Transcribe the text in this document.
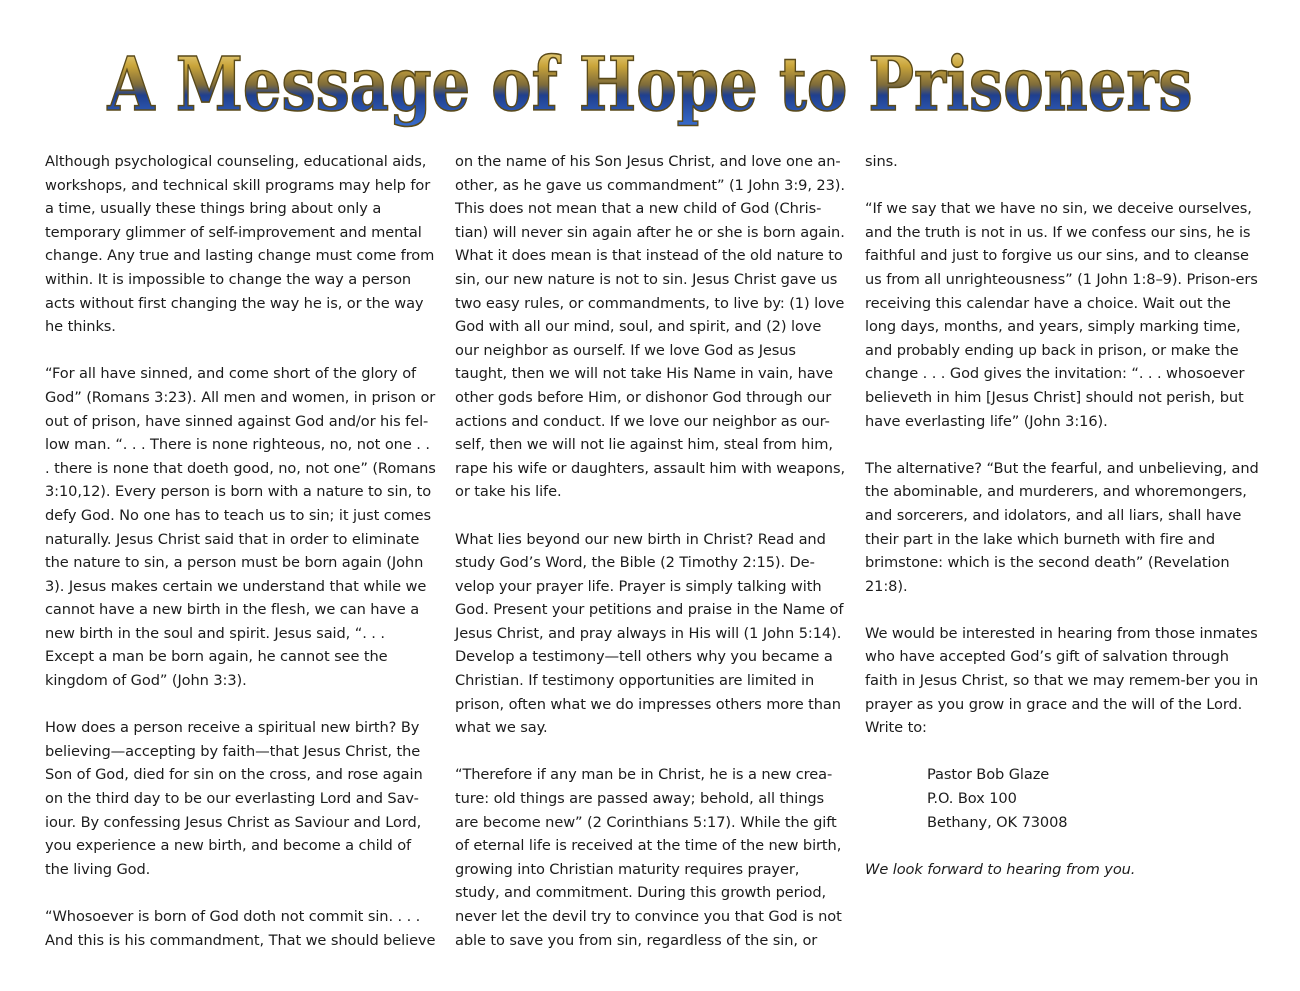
A Message of Hope to Prisoners

Although psychological counseling, educational aids, workshops, and technical skill programs may help for a time, usually these things bring about only a temporary glimmer of self-improvement and mental change. Any true and lasting change must come from within. It is impossible to change the way a person acts without first changing the way he is, or the way he thinks.

“For all have sinned, and come short of the glory of God” (Romans 3:23). All men and women, in prison or out of prison, have sinned against God and/or his fel-low man. “. . . There is none righteous, no, not one . . . there is none that doeth good, no, not one” (Romans 3:10,12). Every person is born with a nature to sin, to defy God. No one has to teach us to sin; it just comes naturally. Jesus Christ said that in order to eliminate the nature to sin, a person must be born again (John 3). Jesus makes certain we understand that while we cannot have a new birth in the flesh, we can have a new birth in the soul and spirit. Jesus said, “. . . Except a man be born again, he cannot see the kingdom of God” (John 3:3).

How does a person receive a spiritual new birth? By believing—accepting by faith—that Jesus Christ, the Son of God, died for sin on the cross, and rose again on the third day to be our everlasting Lord and Sav-iour. By confessing Jesus Christ as Saviour and Lord, you experience a new birth, and become a child of the living God.

“Whosoever is born of God doth not commit sin. . . . And this is his commandment, That we should believe

on the name of his Son Jesus Christ, and love one an-other, as he gave us commandment” (1 John 3:9, 23). This does not mean that a new child of God (Chris-tian) will never sin again after he or she is born again. What it does mean is that instead of the old nature to sin, our new nature is not to sin. Jesus Christ gave us two easy rules, or commandments, to live by: (1) love God with all our mind, soul, and spirit, and (2) love our neighbor as ourself. If we love God as Jesus taught, then we will not take His Name in vain, have other gods before Him, or dishonor God through our actions and conduct. If we love our neighbor as our-self, then we will not lie against him, steal from him, rape his wife or daughters, assault him with weapons, or take his life.

What lies beyond our new birth in Christ? Read and study God’s Word, the Bible (2 Timothy 2:15). De-velop your prayer life. Prayer is simply talking with God. Present your petitions and praise in the Name of Jesus Christ, and pray always in His will (1 John 5:14). Develop a testimony—tell others why you became a Christian. If testimony opportunities are limited in prison, often what we do impresses others more than what we say.

“Therefore if any man be in Christ, he is a new crea-ture: old things are passed away; behold, all things are become new” (2 Corinthians 5:17). While the gift of eternal life is received at the time of the new birth, growing into Christian maturity requires prayer, study, and commitment. During this growth period, never let the devil try to convince you that God is not able to save you from sin, regardless of the sin, or

sins.

“If we say that we have no sin, we deceive ourselves, and the truth is not in us. If we confess our sins, he is faithful and just to forgive us our sins, and to cleanse us from all unrighteousness” (1 John 1:8–9). Prison-ers receiving this calendar have a choice. Wait out the long days, months, and years, simply marking time, and probably ending up back in prison, or make the change . . . God gives the invitation: “. . . whosoever believeth in him [Jesus Christ] should not perish, but have everlasting life” (John 3:16).

The alternative? “But the fearful, and unbelieving, and the abominable, and murderers, and whoremongers, and sorcerers, and idolators, and all liars, shall have their part in the lake which burneth with fire and brimstone: which is the second death” (Revelation 21:8).

We would be interested in hearing from those inmates who have accepted God’s gift of salvation through faith in Jesus Christ, so that we may remem-ber you in prayer as you grow in grace and the will of the Lord. Write to:

Pastor Bob Glaze
P.O. Box 100
Bethany, OK 73008

We look forward to hearing from you.
